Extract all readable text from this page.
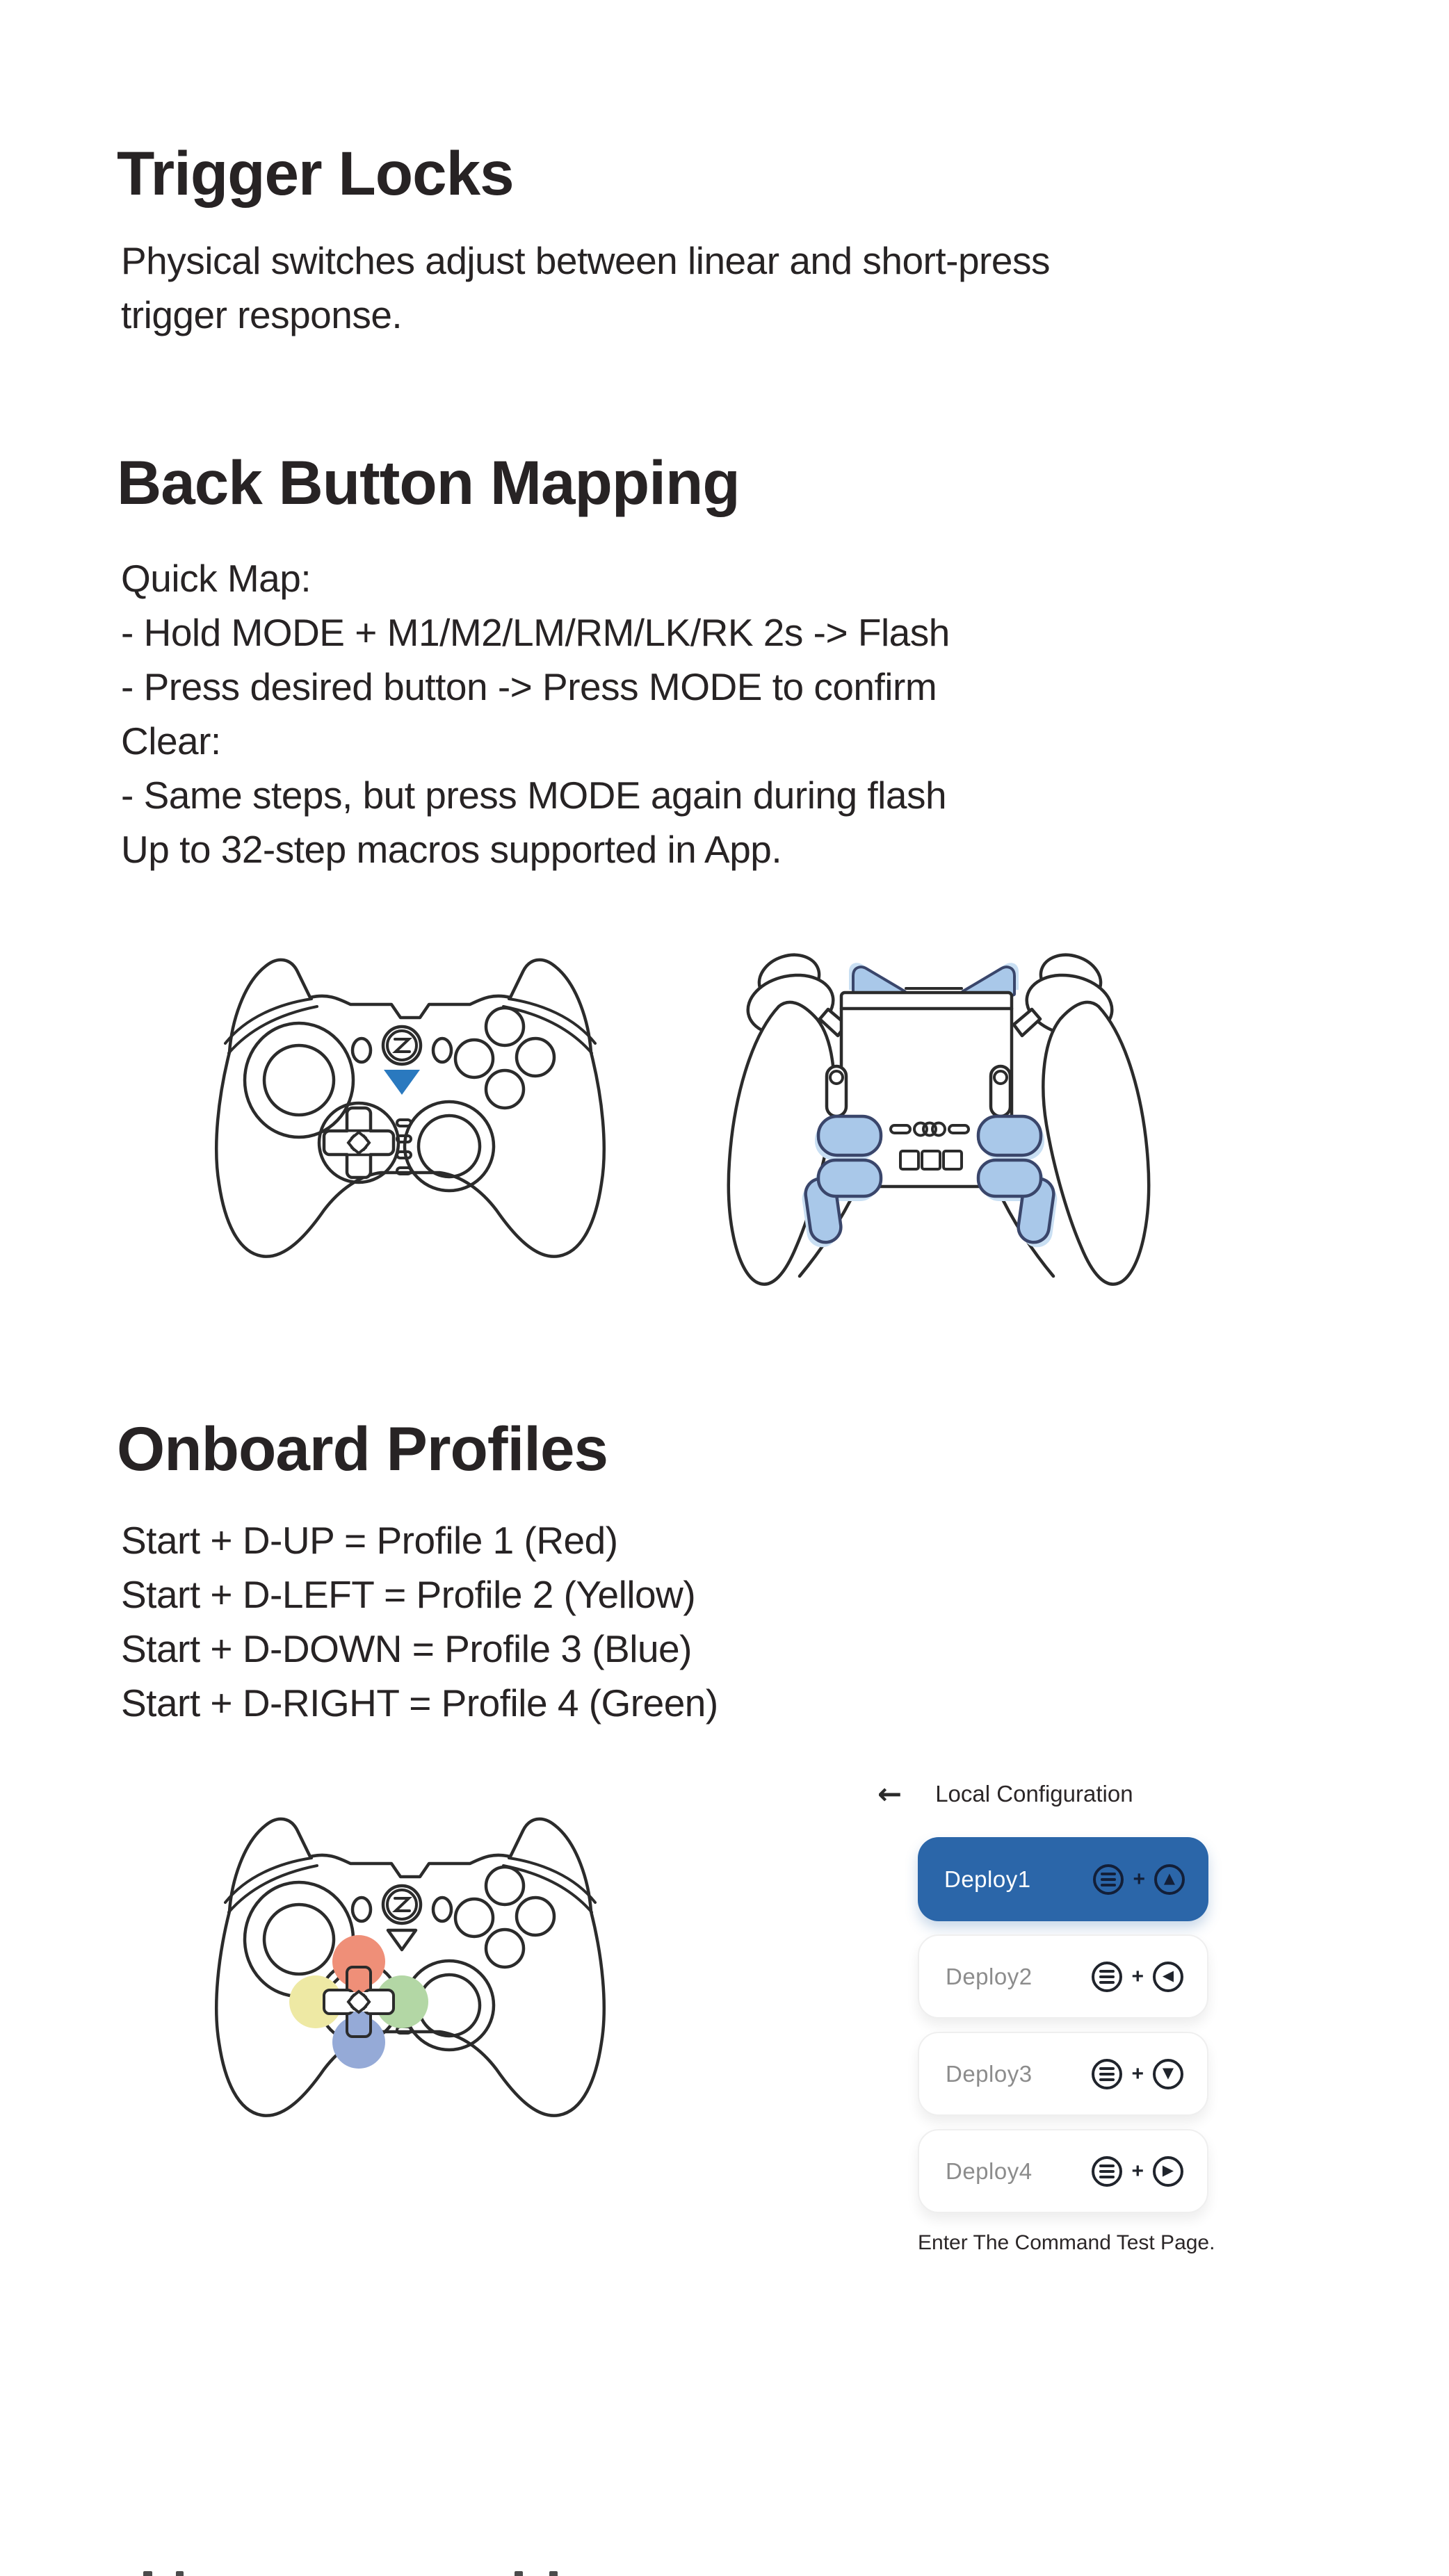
Trigger Locks
Physical switches adjust between linear and short-press
trigger response.
Back Button Mapping
Quick Map:
- Hold MODE + M1/M2/LM/RM/LK/RK 2s -> Flash
- Press desired button -> Press MODE to confirm
Clear:
- Same steps, but press MODE again during flash
Up to 32-step macros supported in App.
Onboard Profiles
Start + D-UP = Profile 1 (Red)
Start + D-LEFT = Profile 2 (Yellow)
Start + D-DOWN = Profile 3 (Blue)
Start + D-RIGHT = Profile 4 (Green)
← Local Configuration
Deploy1	+ ▲
Deploy2	+ ◀
Deploy3	+ ▼
Deploy4	+ ▶
Enter The Command Test Page.
